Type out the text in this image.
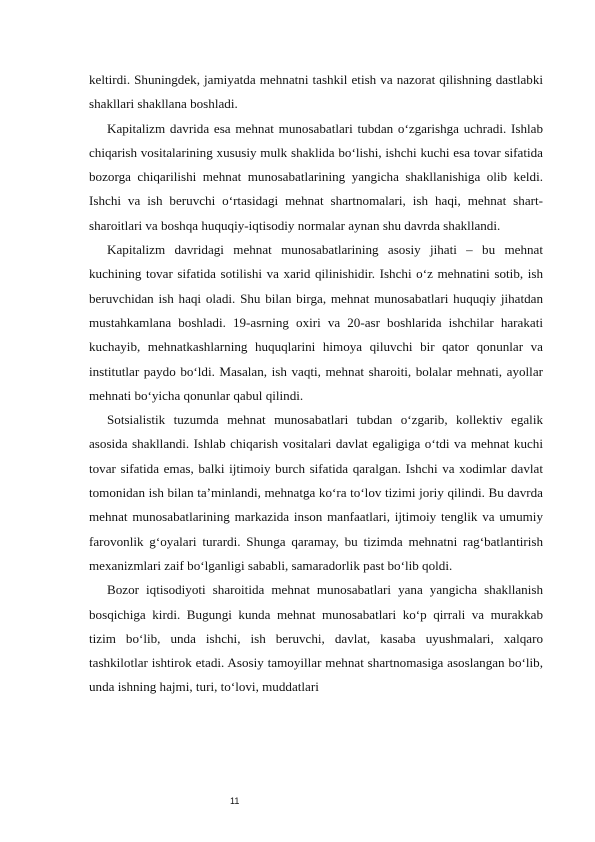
keltirdi. Shuningdek, jamiyatda mehnatni tashkil etish va nazorat qilishning dastlabki shakllari shakllana boshladi.

Kapitalizm davrida esa mehnat munosabatlari tubdan o‘zgarishga uchradi. Ishlab chiqarish vositalarining xususiy mulk shaklida bo‘lishi, ishchi kuchi esa tovar sifatida bozorga chiqarilishi mehnat munosabatlarining yangicha shakllanishiga olib keldi. Ishchi va ish beruvchi o‘rtasidagi mehnat shartnomalari, ish haqi, mehnat shart-sharoitlari va boshqa huquqiy-iqtisodiy normalar aynan shu davrda shakllandi.

Kapitalizm davridagi mehnat munosabatlarining asosiy jihati – bu mehnat kuchining tovar sifatida sotilishi va xarid qilinishidir. Ishchi o‘z mehnatini sotib, ish beruvchidan ish haqi oladi. Shu bilan birga, mehnat munosabatlari huquqiy jihatdan mustahkamlana boshladi. 19-asrning oxiri va 20-asr boshlarida ishchilar harakati kuchayib, mehnatkashlarning huquqlarini himoya qiluvchi bir qator qonunlar va institutlar paydo bo‘ldi. Masalan, ish vaqti, mehnat sharoiti, bolalar mehnati, ayollar mehnati bo‘yicha qonunlar qabul qilindi.

Sotsialistik tuzumda mehnat munosabatlari tubdan o‘zgarib, kollektiv egalik asosida shakllandi. Ishlab chiqarish vositalari davlat egaligiga o‘tdi va mehnat kuchi tovar sifatida emas, balki ijtimoiy burch sifatida qaralgan. Ishchi va xodimlar davlat tomonidan ish bilan ta’minlandi, mehnatga ko‘ra to‘lov tizimi joriy qilindi. Bu davrda mehnat munosabatlarining markazida inson manfaatlari, ijtimoiy tenglik va umumiy farovonlik g‘oyalari turardi. Shunga qaramay, bu tizimda mehnatni rag‘batlantirish mexanizmlari zaif bo‘lganligi sababli, samaradorlik past bo‘lib qoldi.

Bozor iqtisodiyoti sharoitida mehnat munosabatlari yana yangicha shakllanish bosqichiga kirdi. Bugungi kunda mehnat munosabatlari ko‘p qirrali va murakkab tizim bo‘lib, unda ishchi, ish beruvchi, davlat, kasaba uyushmalari, xalqaro tashkilotlar ishtirok etadi. Asosiy tamoyillar mehnat shartnomasiga asoslangan bo‘lib, unda ishning hajmi, turi, to‘lovi, muddatlari

11
